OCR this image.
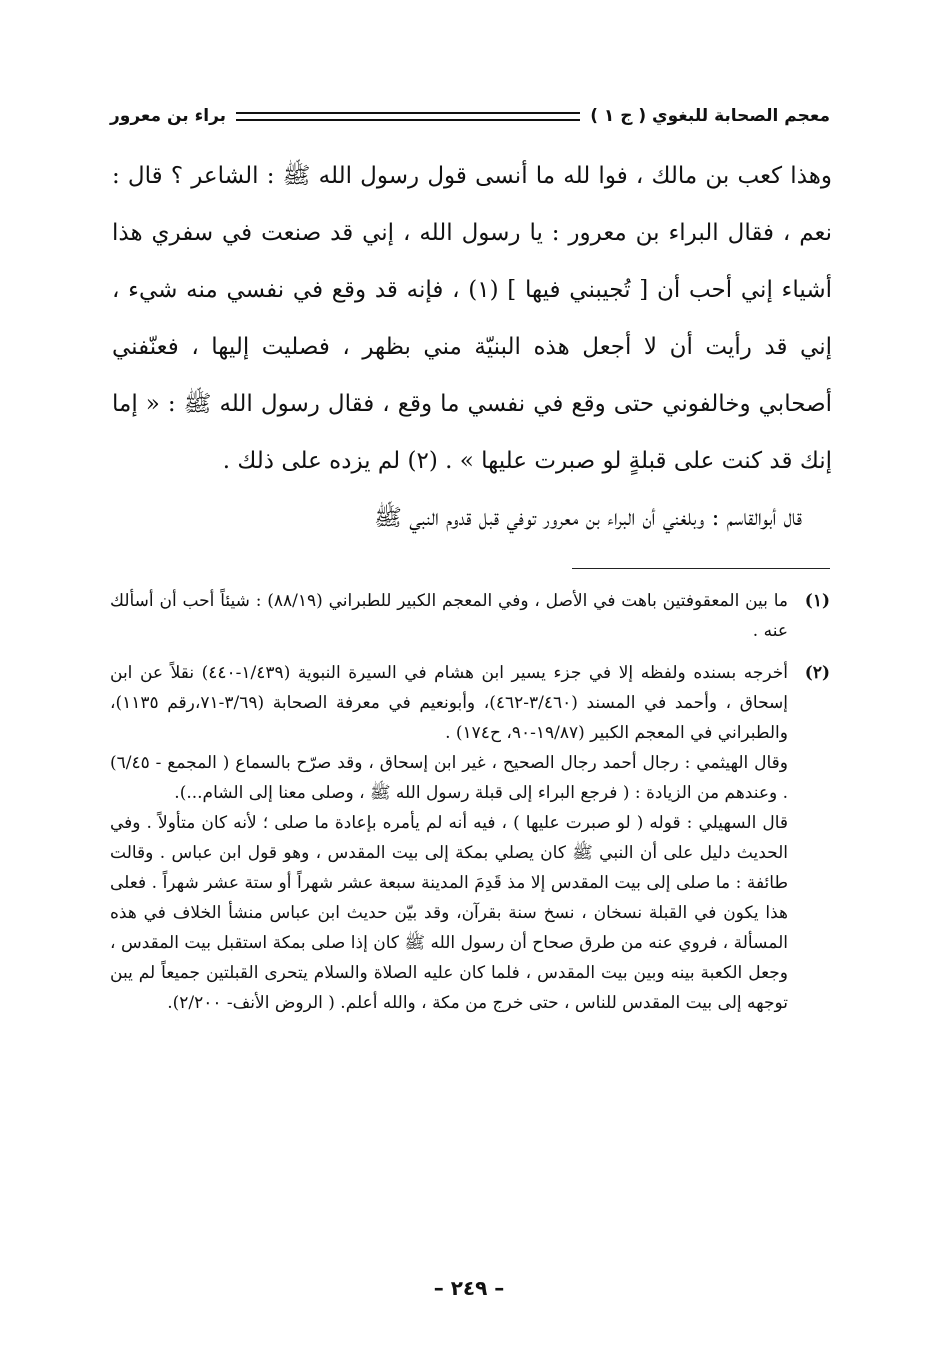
معجم الصحابة للبغوي ( ج ١ )
براء بن معرور

وهذا كعب بن مالك ، فوا لله ما أنسى قول رسول الله ﷺ : الشاعر ؟ قال : نعم ، فقال البراء بن معرور : يا رسول الله ، إني قد صنعت في سفري هذا أشياء إني أحب أن [ تُجيبني فيها ] (١) ، فإنه قد وقع في نفسي منه شيء ، إني قد رأيت أن لا أجعل هذه البنيّة مني بظهر ، فصليت إليها ، فعنّفني أصحابي وخالفوني حتى وقع في نفسي ما وقع ، فقال رسول الله ﷺ : « إما إنك قد كنت على قبلةٍ لو صبرت عليها » . (٢) لم يزده على ذلك .

قال أبوالقاسم : وبلغني أن البراء بن معرور توفي قبل قدوم النبي ﷺ

(١)

ما بين المعقوفتين باهت في الأصل ، وفي المعجم الكبير للطبراني (٨٨/١٩) : شيئاً أحب أن أسألك عنه .

(٢)

أخرجه بسنده ولفظه إلا في جزء يسير ابن هشام في السيرة النبوية (١/٤٣٩-٤٤٠) نقلاً عن ابن إسحاق ، وأحمد في المسند (٣/٤٦٠-٤٦٢)، وأبونعيم في معرفة الصحابة (٣/٦٩-٧١،رقم ١١٣٥)، والطبراني في المعجم الكبير (١٩/٨٧-٩٠، ح١٧٤) .

وقال الهيثمي : رجال أحمد رجال الصحيح ، غير ابن إسحاق ، وقد صرّح بالسماع ( المجمع - ٦/٤٥) . وعندهم من الزيادة : ( فرجع البراء إلى قبلة رسول الله ﷺ ، وصلى معنا إلى الشام...).

قال السهيلي : قوله ( لو صبرت عليها ) ، فيه أنه لم يأمره بإعادة ما صلى ؛ لأنه كان متأولاً . وفي الحديث دليل على أن النبي ﷺ كان يصلي بمكة إلى بيت المقدس ، وهو قول ابن عباس . وقالت طائفة : ما صلى إلى بيت المقدس إلا مذ قَدِمَ المدينة سبعة عشر شهراً أو ستة عشر شهراً . فعلى هذا يكون في القبلة نسخان ، نسخ سنة بقرآن، وقد بيّن حديث ابن عباس منشأ الخلاف في هذه المسألة ، فروي عنه من طرق صحاح أن رسول الله ﷺ كان إذا صلى بمكة استقبل بيت المقدس ، وجعل الكعبة بينه وبين بيت المقدس ، فلما كان عليه الصلاة والسلام يتحرى القبلتين جميعاً لم يبن توجهه إلى بيت المقدس للناس ، حتى خرج من مكة ، والله أعلم. ( الروض الأنف- ٢/٢٠٠).

– ٢٤٩ –
